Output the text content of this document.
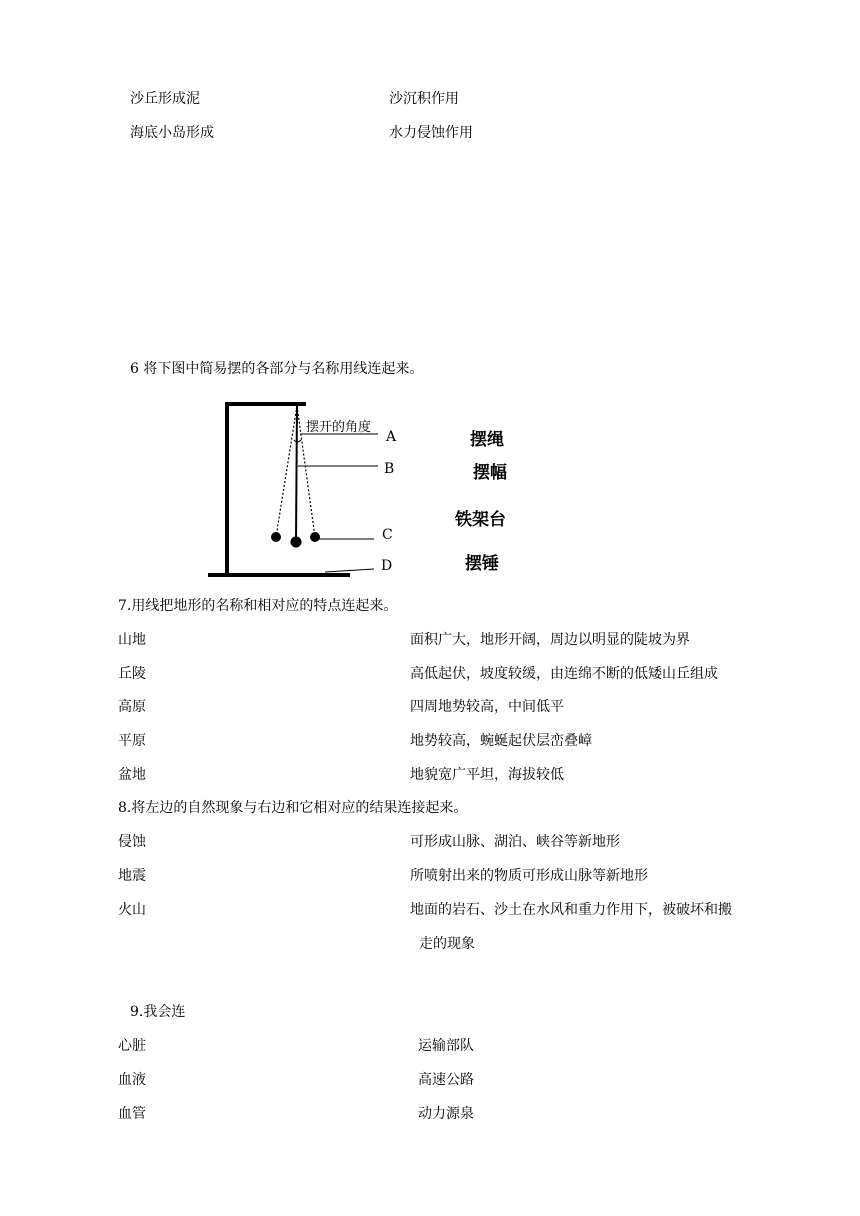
沙丘形成泥	沙沉积作用
海底小岛形成	水力侵蚀作用
6 将下图中简易摆的各部分与名称用线连起来。
摆开的角度
A
B
C
D
摆绳
摆幅
铁架台
摆锤
7.用线把地形的名称和相对应的特点连起来。
山地	面积广大，地形开阔，周边以明显的陡坡为界
丘陵	高低起伏，坡度较缓，由连绵不断的低矮山丘组成
高原	四周地势较高，中间低平
平原	地势较高，蜿蜒起伏层峦叠嶂
盆地	地貌宽广平坦，海拔较低
8.将左边的自然现象与右边和它相对应的结果连接起来。
侵蚀	可形成山脉、湖泊、峡谷等新地形
地震	所喷射出来的物质可形成山脉等新地形
火山	地面的岩石、沙土在水风和重力作用下，被破坏和搬
走的现象
9.我会连
心脏	运输部队
血液	高速公路
血管	动力源泉
